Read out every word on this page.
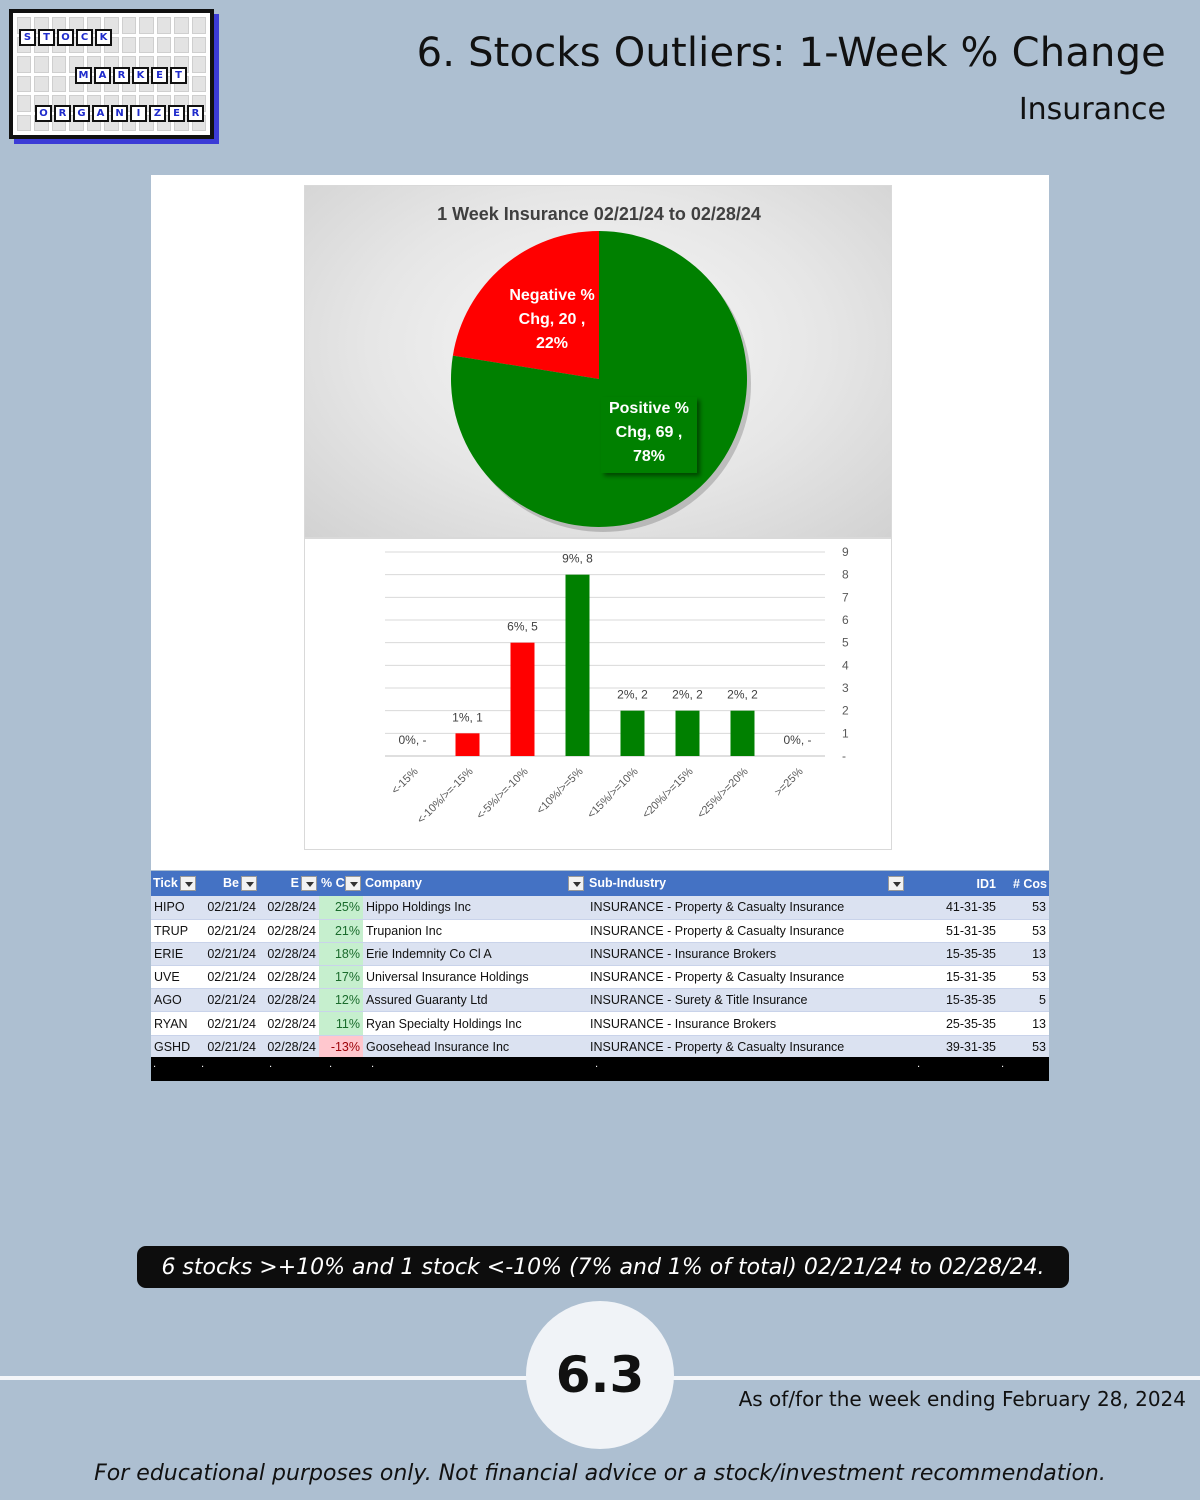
S	T	O	C	K
M	A	R	K	E	T
O	R	G	A	N	I	Z	E	R
6. Stocks Outliers: 1-Week % Change
Insurance
1 Week Insurance 02/21/24 to 02/28/24
Negative %
Chg, 20 ,
22%
Positive %
Chg, 69 ,
78%
-
1
2
3
4
5
6
7
8
9
0%, -
<-15%
1%, 1
<-10%/>=-15%
6%, 5
<-5%/>=-10%
9%, 8
<10%/>=5%
2%, 2
<15%/>=10%
2%, 2
<20%/>=15%
2%, 2
<25%/>=20%
0%, -
>=25%
Tick	Be	E	% C	Company	Sub-Industry	ID1	# Cos
HIPO	02/21/24	02/28/24	25%	Hippo Holdings Inc	INSURANCE - Property & Casualty Insurance	41-31-35	53
TRUP	02/21/24	02/28/24	21%	Trupanion Inc	INSURANCE - Property & Casualty Insurance	51-31-35	53
ERIE	02/21/24	02/28/24	18%	Erie Indemnity Co Cl A	INSURANCE - Insurance Brokers	15-35-35	13
UVE	02/21/24	02/28/24	17%	Universal Insurance Holdings	INSURANCE - Property & Casualty Insurance	15-31-35	53
AGO	02/21/24	02/28/24	12%	Assured Guaranty Ltd	INSURANCE - Surety & Title Insurance	15-35-35	5
RYAN	02/21/24	02/28/24	11%	Ryan Specialty Holdings Inc	INSURANCE - Insurance Brokers	25-35-35	13
GSHD	02/21/24	02/28/24	-13%	Goosehead Insurance Inc	INSURANCE - Property & Casualty Insurance	39-31-35	53
.	.	.	.	.	.	.	.
6 stocks >+10% and 1 stock <-10% (7% and 1% of total) 02/21/24 to 02/28/24.
6.3	As of/for the week ending February 28, 2024
For educational purposes only. Not financial advice or a stock/investment recommendation.
